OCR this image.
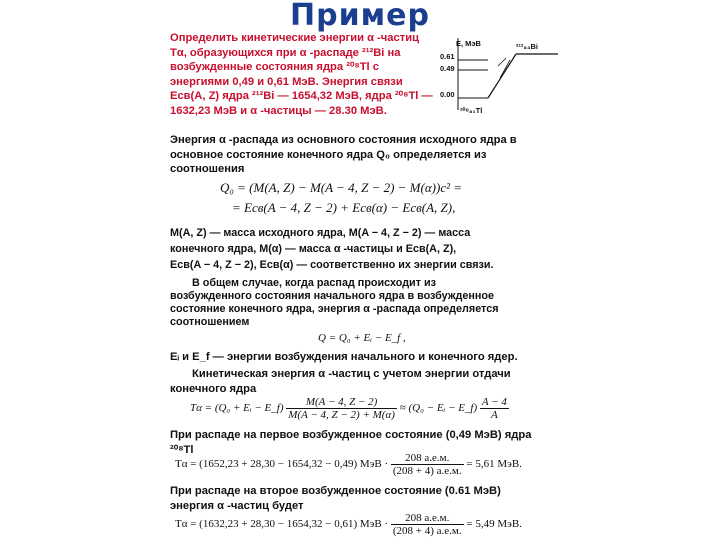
Пример
Определить кинетические энергии α -частиц
Tα, образующихся при α -распаде ²¹²Bi на
возбужденные состояния ядра ²⁰⁸Tl с
энергиями 0,49 и 0,61 МэВ. Энергия связи
Eсв(A, Z) ядра ²¹²Bi — 1654,32 МэВ, ядра ²⁰⁸Tl —
1632,23 МэВ и α -частицы — 28.30 МэВ.
E, МэВ	²¹²₈₃Bi
0.61
0.49
0.00
²⁰⁸₈₁Tl
Энергия α -распада из основного состояния исходного ядра в
основное состояние конечного ядра Q₀ определяется из
соотношения
Q₀ = (M(A, Z) − M(A − 4, Z − 2) − M(α))c² =
= Eсв(A − 4, Z − 2) + Eсв(α) − Eсв(A, Z),
M(A, Z) — масса исходного ядра, M(A − 4, Z − 2) — масса
конечного ядра, M(α) — масса α -частицы и Eсв(A, Z),
Eсв(A − 4, Z − 2), Eсв(α) — соответственно их энергии связи.
В общем случае, когда распад происходит из
возбужденного состояния начального ядра в возбужденное
состояние конечного ядра, энергия α -распада определяется
соотношением
Q = Q₀ + Eᵢ − E_f ,
Eᵢ и E_f — энергии возбуждения начального и конечного ядер.
Кинетическая энергия α -частиц с учетом энергии отдачи
конечного ядра
Tα = (Q₀ + Eᵢ − E_f) $\frac{M(A - 4, Z - 2)}{M(A - 4, Z - 2) + M(\alpha)} \approx (Q_0$ − Eᵢ − E_f) $\frac{A - 4}{A}$
При распаде на первое возбужденное состояние (0,49 МэВ) ядра
²⁰⁸Tl
Tα = (1652,23 + 28,30 − 1654,32 − 0,49) МэВ · $\frac{208 а.е.м.}{(208 + 4) а.е.м.} = 5,61$ МэВ.
При распаде на второе возбужденное состояние (0.61 МэВ)
энергия α -частиц будет
Tα = (1632,23 + 28,30 − 1654,32 − 0,61) МэВ · $\frac{208 а.е.м.}{(208 + 4) а.е.м.} = 5,49$ МэВ.
